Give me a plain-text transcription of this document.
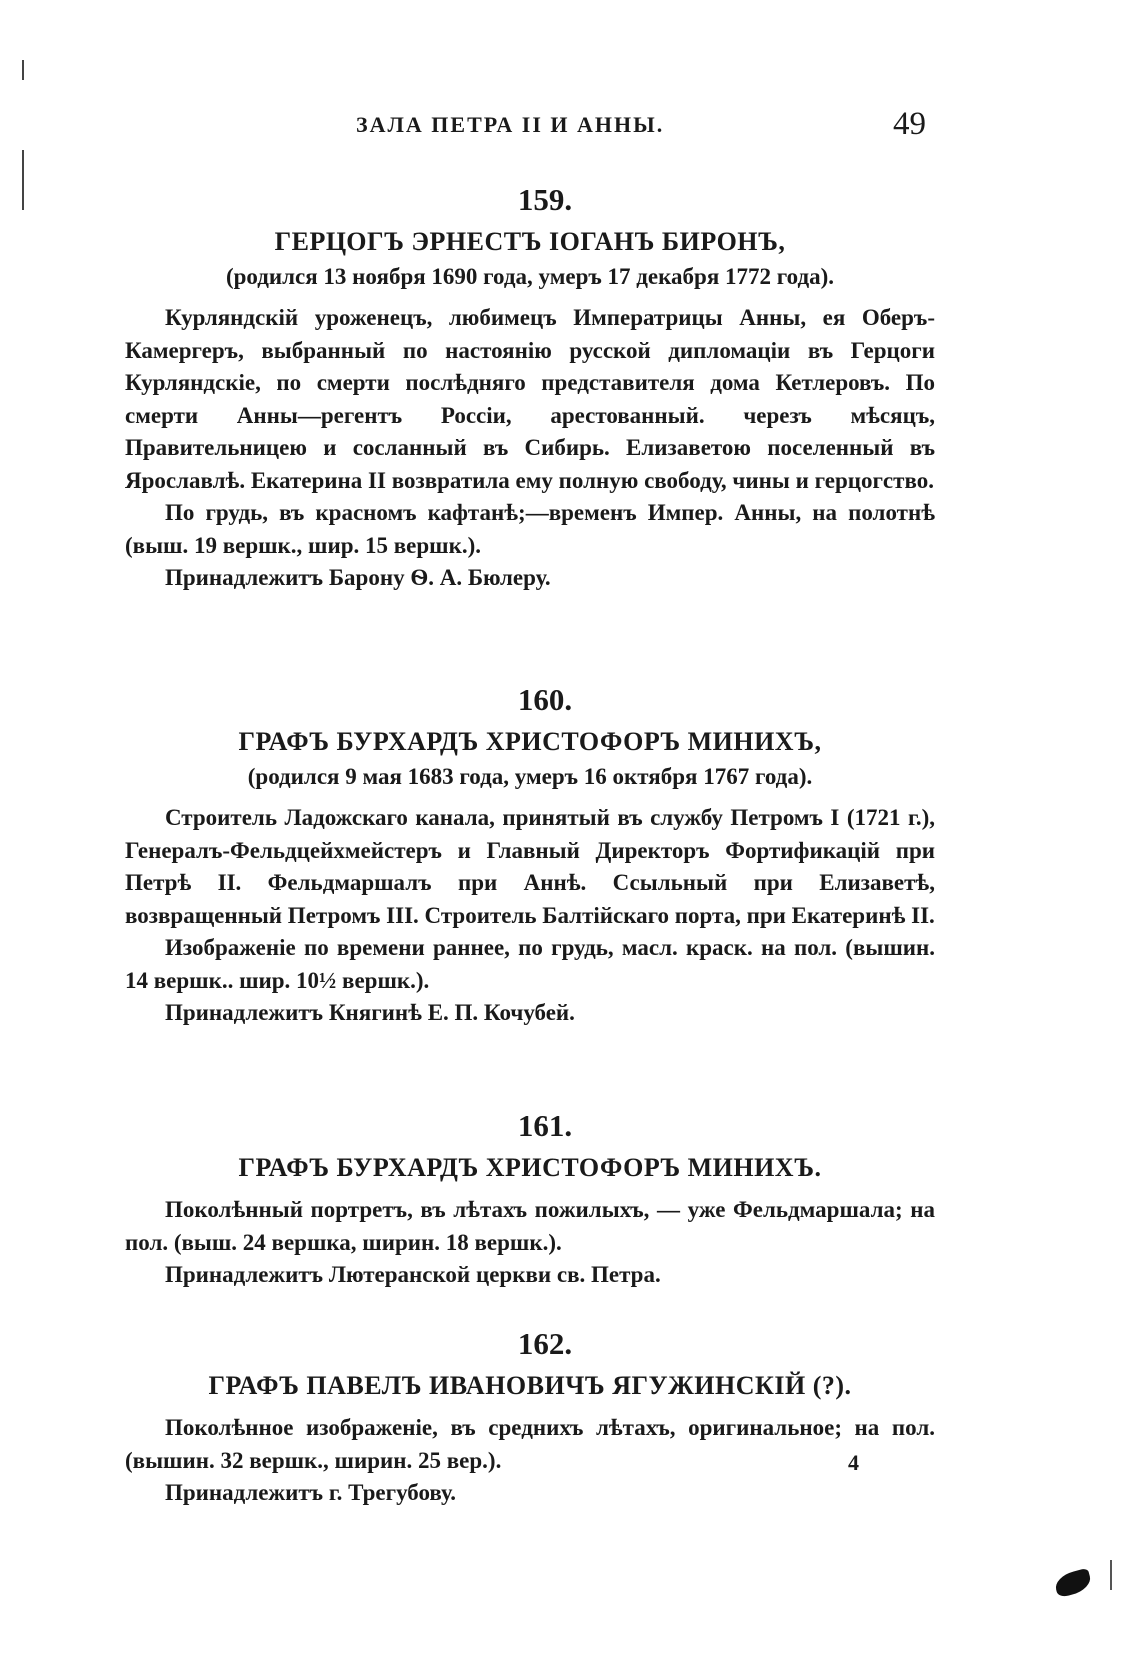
ЗАЛА ПЕТРА II И АННЫ.	49
159.
ГЕРЦОГЪ ЭРНЕСТЪ ІОГАНЪ БИРОНЪ,
(родился 13 ноября 1690 года, умеръ 17 декабря 1772 года).

Курляндскій уроженецъ, любимецъ Императрицы Анны, ея Оберъ-Камергеръ, выбранный по настоянію русской дипломаціи въ Герцоги Курляндскіе, по смерти послѣдняго представителя дома Кетлеровъ. По смерти Анны—регентъ Россіи, арестованный. черезъ мѣсяцъ, Правительницею и сосланный въ Сибирь. Елизаветою поселенный въ Ярославлѣ. Екатерина II возвратила ему полную свободу, чины и герцогство.

По грудь, въ красномъ кафтанѣ;—временъ Импер. Анны, на полотнѣ (выш. 19 вершк., шир. 15 вершк.).

Принадлежитъ Барону Ѳ. А. Бюлеру.

160.
ГРАФЪ БУРХАРДЪ ХРИСТОФОРЪ МИНИХЪ,
(родился 9 мая 1683 года, умеръ 16 октября 1767 года).

Строитель Ладожскаго канала, принятый въ службу Петромъ I (1721 г.), Генералъ-Фельдцейхмейстеръ и Главный Директоръ Фортификацій при Петрѣ II. Фельдмаршалъ при Аннѣ. Ссыльный при Елизаветѣ, возвращенный Петромъ III. Строитель Балтійскаго порта, при Екатеринѣ II.

Изображеніе по времени раннее, по грудь, масл. краск. на пол. (вышин. 14 вершк.. шир. 10½ вершк.).

Принадлежитъ Княгинѣ Е. П. Кочубей.

161.
ГРАФЪ БУРХАРДЪ ХРИСТОФОРЪ МИНИХЪ.

Поколѣнный портретъ, въ лѣтахъ пожилыхъ, — уже Фельдмаршала; на пол. (выш. 24 вершка, ширин. 18 вершк.).

Принадлежитъ Лютеранской церкви св. Петра.

162.
ГРАФЪ ПАВЕЛЪ ИВАНОВИЧЪ ЯГУЖИНСКІЙ (?).

Поколѣнное изображеніе, въ среднихъ лѣтахъ, оригинальное; на пол. (вышин. 32 вершк., ширин. 25 вер.).

Принадлежитъ г. Трегубову.

4
